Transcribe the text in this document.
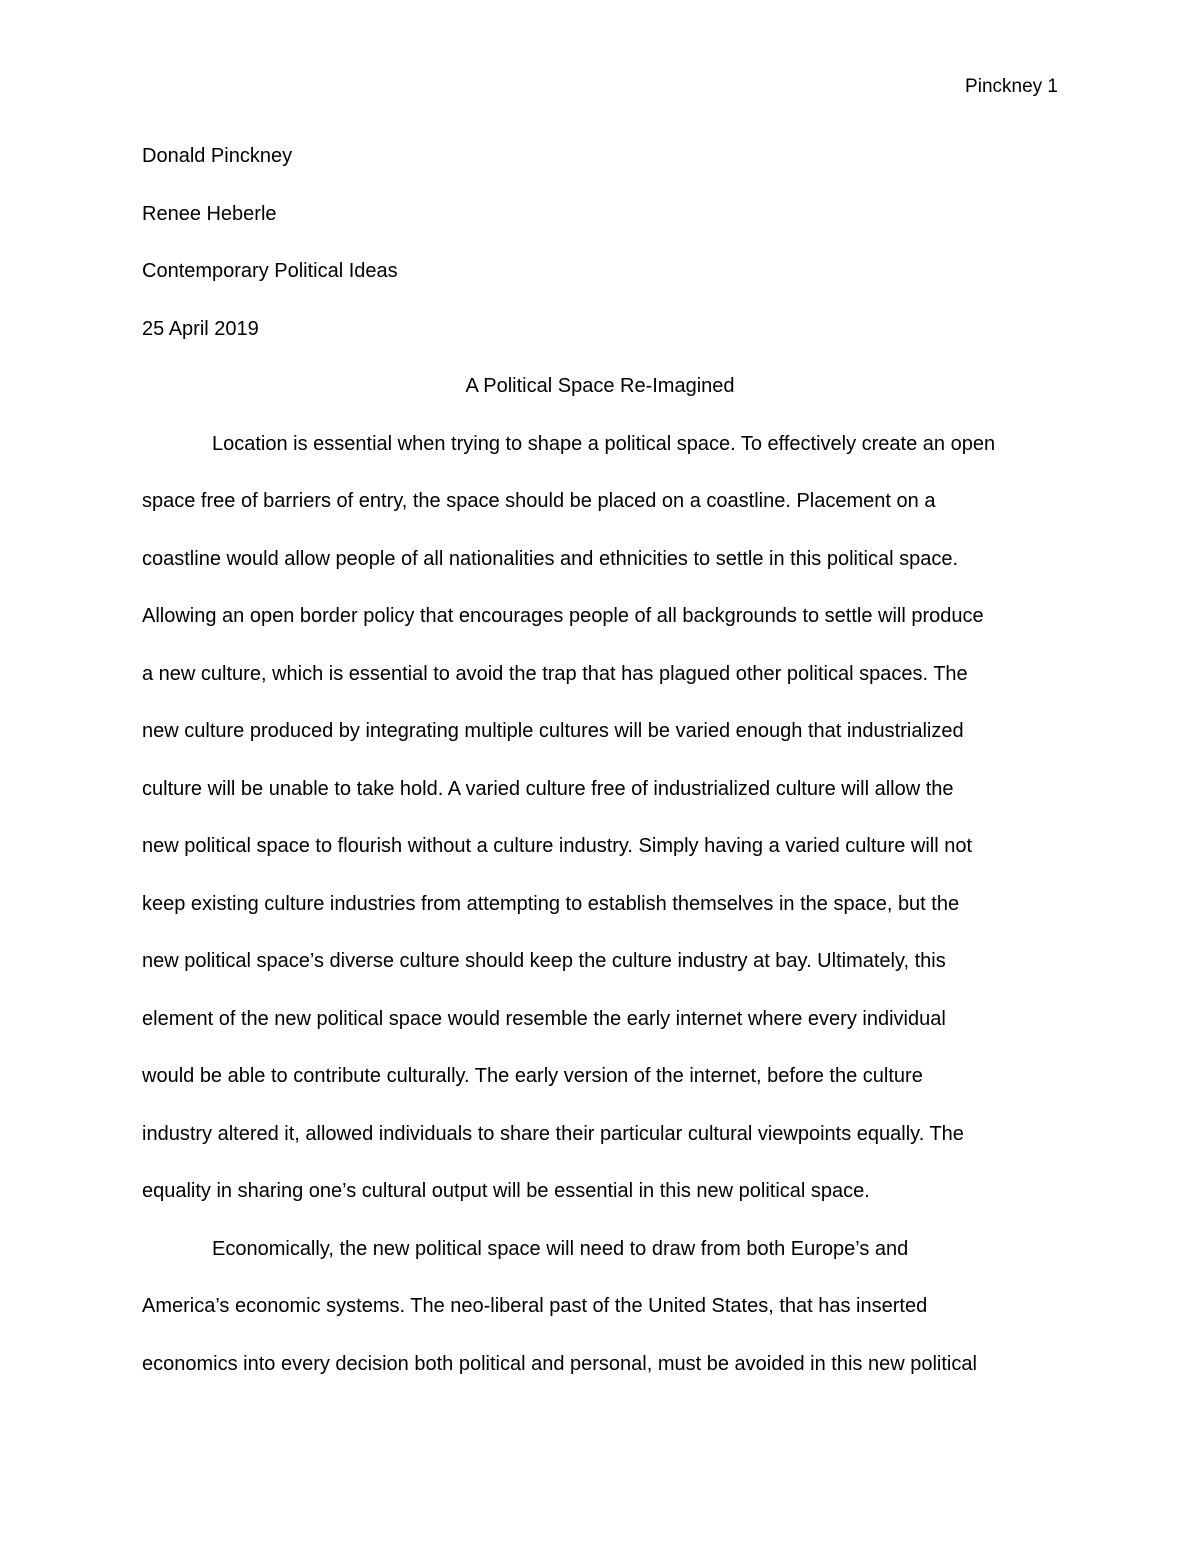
Pinckney 1
Donald Pinckney
Renee Heberle
Contemporary Political Ideas
25 April 2019
A Political Space Re-Imagined
Location is essential when trying to shape a political space. To effectively create an open
space free of barriers of entry, the space should be placed on a coastline. Placement on a
coastline would allow people of all nationalities and ethnicities to settle in this political space.
Allowing an open border policy that encourages people of all backgrounds to settle will produce
a new culture, which is essential to avoid the trap that has plagued other political spaces. The
new culture produced by integrating multiple cultures will be varied enough that industrialized
culture will be unable to take hold. A varied culture free of industrialized culture will allow the
new political space to flourish without a culture industry. Simply having a varied culture will not
keep existing culture industries from attempting to establish themselves in the space, but the
new political space’s diverse culture should keep the culture industry at bay. Ultimately, this
element of the new political space would resemble the early internet where every individual
would be able to contribute culturally. The early version of the internet, before the culture
industry altered it, allowed individuals to share their particular cultural viewpoints equally. The
equality in sharing one’s cultural output will be essential in this new political space.
Economically, the new political space will need to draw from both Europe’s and
America’s economic systems. The neo-liberal past of the United States, that has inserted
economics into every decision both political and personal, must be avoided in this new political
